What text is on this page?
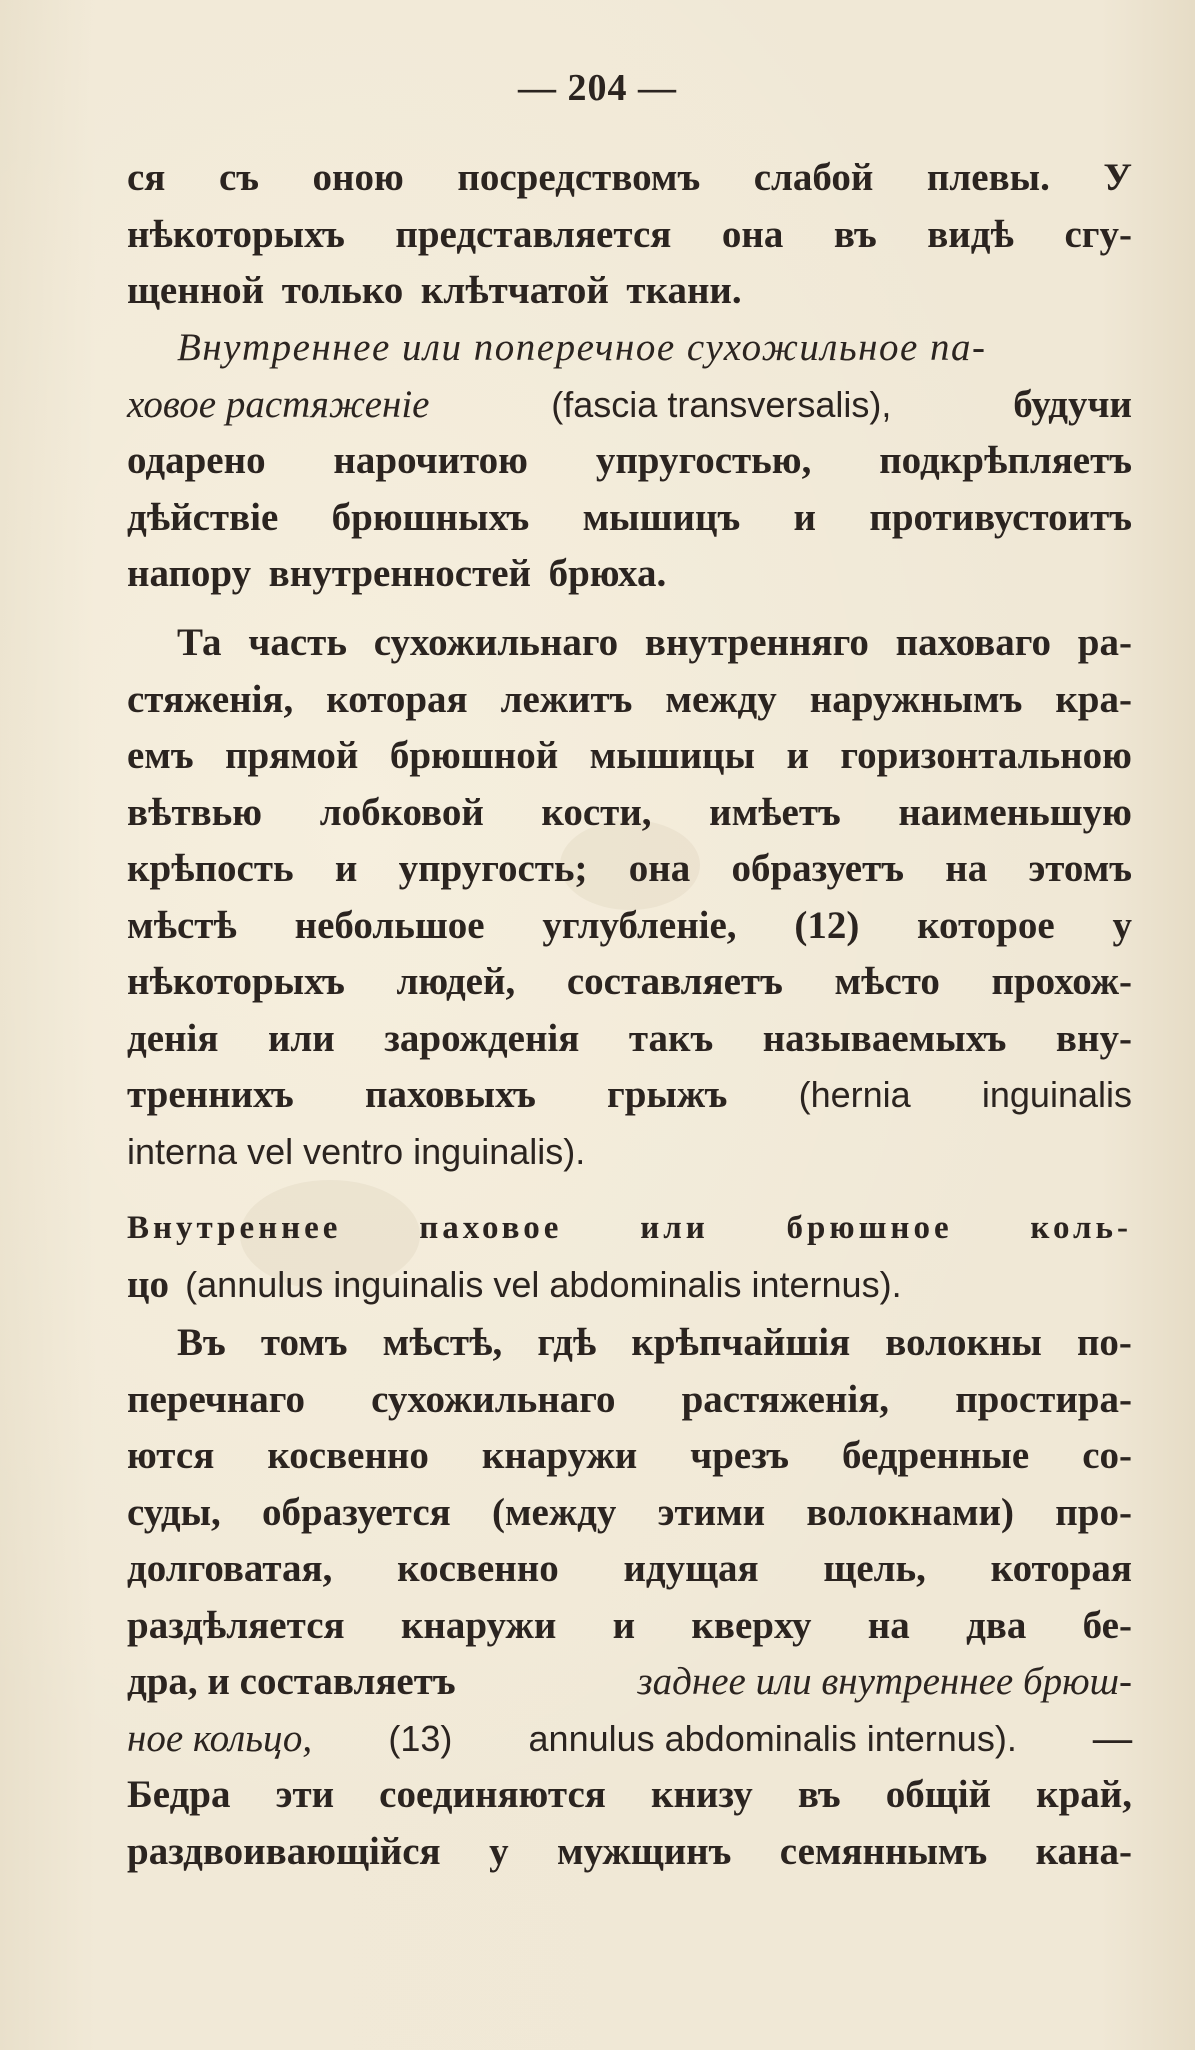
— 204 —
ся съ оною посредствомъ слабой плевы. У
нѣкоторыхъ представляется она въ видѣ сгу-
щенной только клѣтчатой ткани.
Внутреннее или поперечное сухожильное па-
ховое растяженіе	(fascia transversalis),	будучи
одарено нарочитою упругостью, подкрѣпляетъ
дѣйствіе брюшныхъ мышицъ и противустоитъ
напору внутренностей брюха.
Та часть сухожильнаго внутренняго паховаго ра-
стяженія, которая лежитъ между наружнымъ кра-
емъ прямой брюшной мышицы и горизонтальною
вѣтвью лобковой кости, имѣетъ наименьшую
крѣпость и упругость; она образуетъ на этомъ
мѣстѣ небольшое углубленіе, (12) которое у
нѣкоторыхъ людей, составляетъ мѣсто прохож-
денія или зарожденія такъ называемыхъ вну-
треннихъ паховыхъ грыжъ (hernia inguinalis
interna vel ventro inguinalis).
Внутреннее паховое или брюшное коль-
цо (annulus inguinalis vel abdominalis internus).
Въ томъ мѣстѣ, гдѣ крѣпчайшія волокны по-
перечнаго сухожильнаго растяженія, простира-
ются косвенно кнаружи чрезъ бедренные со-
суды, образуется (между этими волокнами) про-
долговатая, косвенно идущая щель, которая
раздѣляется кнаружи и кверху на два бе-
дра, и составляетъ	заднее или внутреннее брюш-
ное кольцо, (13) annulus abdominalis internus). —
Бедра эти соединяются книзу въ общій край,
раздвоивающійся у мужщинъ семяннымъ кана-
